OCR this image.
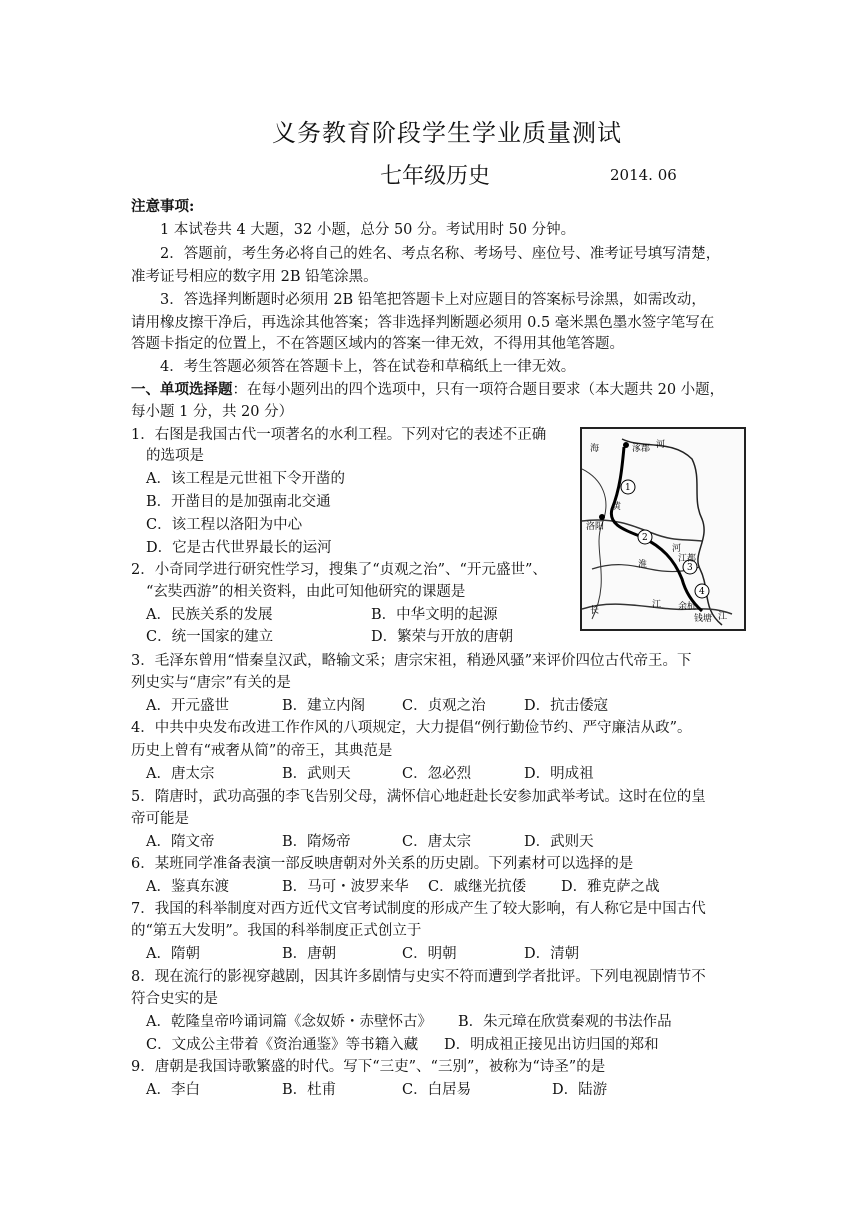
义务教育阶段学生学业质量测试
七年级历史	2014. 06
注意事项:
1 本试卷共 4 大题，32 小题，总分 50 分。考试用时 50 分钟。
2．答题前，考生务必将自己的姓名、考点名称、考场号、座位号、准考证号填写清楚，
准考证号相应的数字用 2B 铅笔涂黑。
3．答选择判断题时必须用 2B 铅笔把答题卡上对应题目的答案标号涂黑，如需改动，
请用橡皮擦干净后，再选涂其他答案；答非选择判断题必须用 0.5 毫米黑色墨水签字笔写在
答题卡指定的位置上，不在答题区域内的答案一律无效，不得用其他笔答题。
4．考生答题必须答在答题卡上，答在试卷和草稿纸上一律无效。
一、单项选择题：在每小题列出的四个选项中，只有一项符合题目要求（本大题共 20 小题，
每小题 1 分，共 20 分）
1
2
3
4
海	涿郡 河
黄
洛阳
淮
河
江都
余杭
钱塘
长
江
江
1．右图是我国古代一项著名的水利工程。下列对它的表述不正确
的选项是
A．该工程是元世祖下令开凿的
B．开凿目的是加强南北交通
C．该工程以洛阳为中心
D．它是古代世界最长的运河
2．小奇同学进行研究性学习，搜集了“贞观之治”、“开元盛世”、
“玄奘西游”的相关资料，由此可知他研究的课题是
A．民族关系的发展	B．中华文明的起源
C．统一国家的建立	D．繁荣与开放的唐朝
3．毛泽东曾用“惜秦皇汉武，略输文采；唐宗宋祖，稍逊风骚”来评价四位古代帝王。下
列史实与“唐宗”有关的是
A．开元盛世	B．建立内阁	C．贞观之治	D．抗击倭寇
4．中共中央发布改进工作作风的八项规定，大力提倡“例行勤俭节约、严守廉洁从政”。
历史上曾有“戒奢从简”的帝王，其典范是
A．唐太宗	B．武则天	C．忽必烈	D．明成祖
5．隋唐时，武功高强的李飞告别父母，满怀信心地赶赴长安参加武举考试。这时在位的皇
帝可能是
A．隋文帝	B．隋炀帝	C．唐太宗	D．武则天
6．某班同学准备表演一部反映唐朝对外关系的历史剧。下列素材可以选择的是
A．鉴真东渡	B．马可・波罗来华 C．戚继光抗倭 D．雅克萨之战
7．我国的科举制度对西方近代文官考试制度的形成产生了较大影响，有人称它是中国古代
的“第五大发明”。我国的科举制度正式创立于
A．隋朝	B．唐朝	C．明朝	D．清朝
8．现在流行的影视穿越剧，因其许多剧情与史实不符而遭到学者批评。下列电视剧情节不
符合史实的是
A．乾隆皇帝吟诵词篇《念奴娇・赤壁怀古》 B．朱元璋在欣赏秦观的书法作品
C．文成公主带着《资治通鉴》等书籍入藏 D．明成祖正接见出访归国的郑和
9．唐朝是我国诗歌繁盛的时代。写下“三吏”、“三别”，被称为“诗圣”的是
A．李白	B．杜甫	C．白居易	D．陆游
